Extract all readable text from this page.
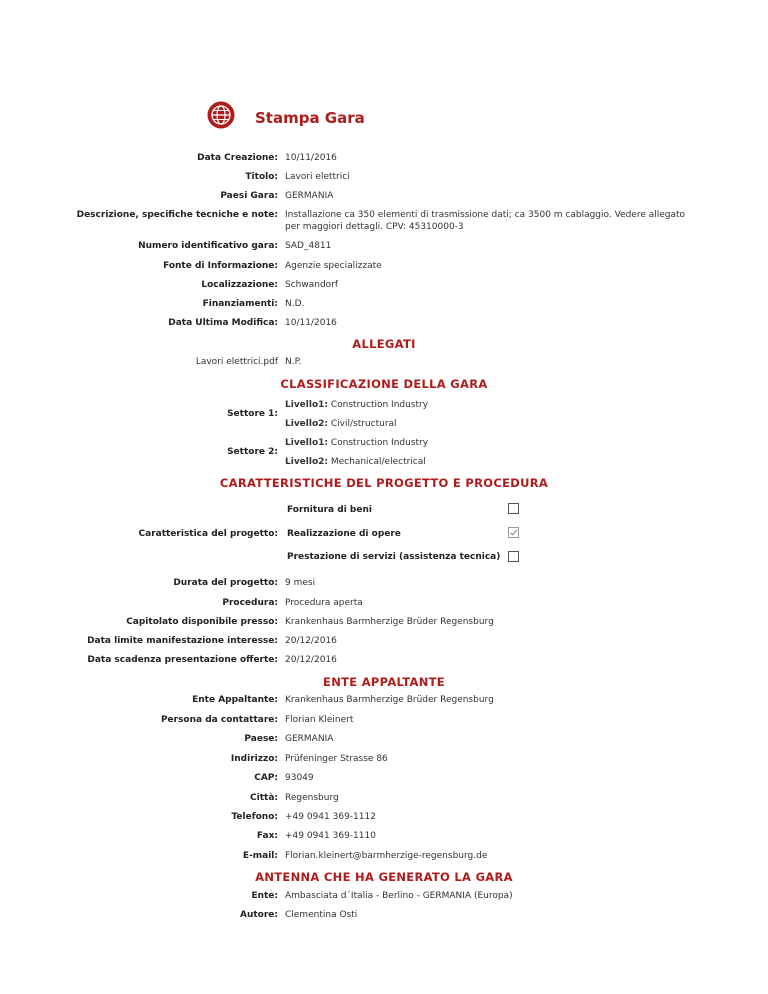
Stampa Gara
Data Creazione: 10/11/2016
Titolo: Lavori elettrici
Paesi Gara: GERMANIA
Descrizione, specifiche tecniche e note: Installazione ca 350 elementi di trasmissione dati; ca 3500 m cablaggio. Vedere allegato
per maggiori dettagli. CPV: 45310000-3
Numero identificativo gara: SAD_4811
Fonte di Informazione: Agenzie specializzate
Localizzazione: Schwandorf
Finanziamenti: N.D.
Data Ultima Modifica: 10/11/2016
ALLEGATI
Lavori elettrici.pdf N.P.
CLASSIFICAZIONE DELLA GARA
Settore 1:
Livello1: Construction Industry
Livello2: Civil/structural
Settore 2:
Livello1: Construction Industry
Livello2: Mechanical/electrical
CARATTERISTICHE DEL PROGETTO E PROCEDURA
Fornitura di beni
Caratteristica del progetto: Realizzazione di opere
Prestazione di servizi (assistenza tecnica)
Durata del progetto: 9 mesi
Procedura: Procedura aperta
Capitolato disponibile presso: Krankenhaus Barmherzige Brüder Regensburg
Data limite manifestazione interesse: 20/12/2016
Data scadenza presentazione offerte: 20/12/2016
ENTE APPALTANTE
Ente Appaltante: Krankenhaus Barmherzige Brüder Regensburg
Persona da contattare: Florian Kleinert
Paese: GERMANIA
Indirizzo: Prüfeninger Strasse 86
CAP: 93049
Città: Regensburg
Telefono: +49 0941 369-1112
Fax: +49 0941 369-1110
E-mail: Florian.kleinert@barmherzige-regensburg.de
ANTENNA CHE HA GENERATO LA GARA
Ente: Ambasciata d´Italia - Berlino - GERMANIA (Europa)
Autore: Clementina Osti
